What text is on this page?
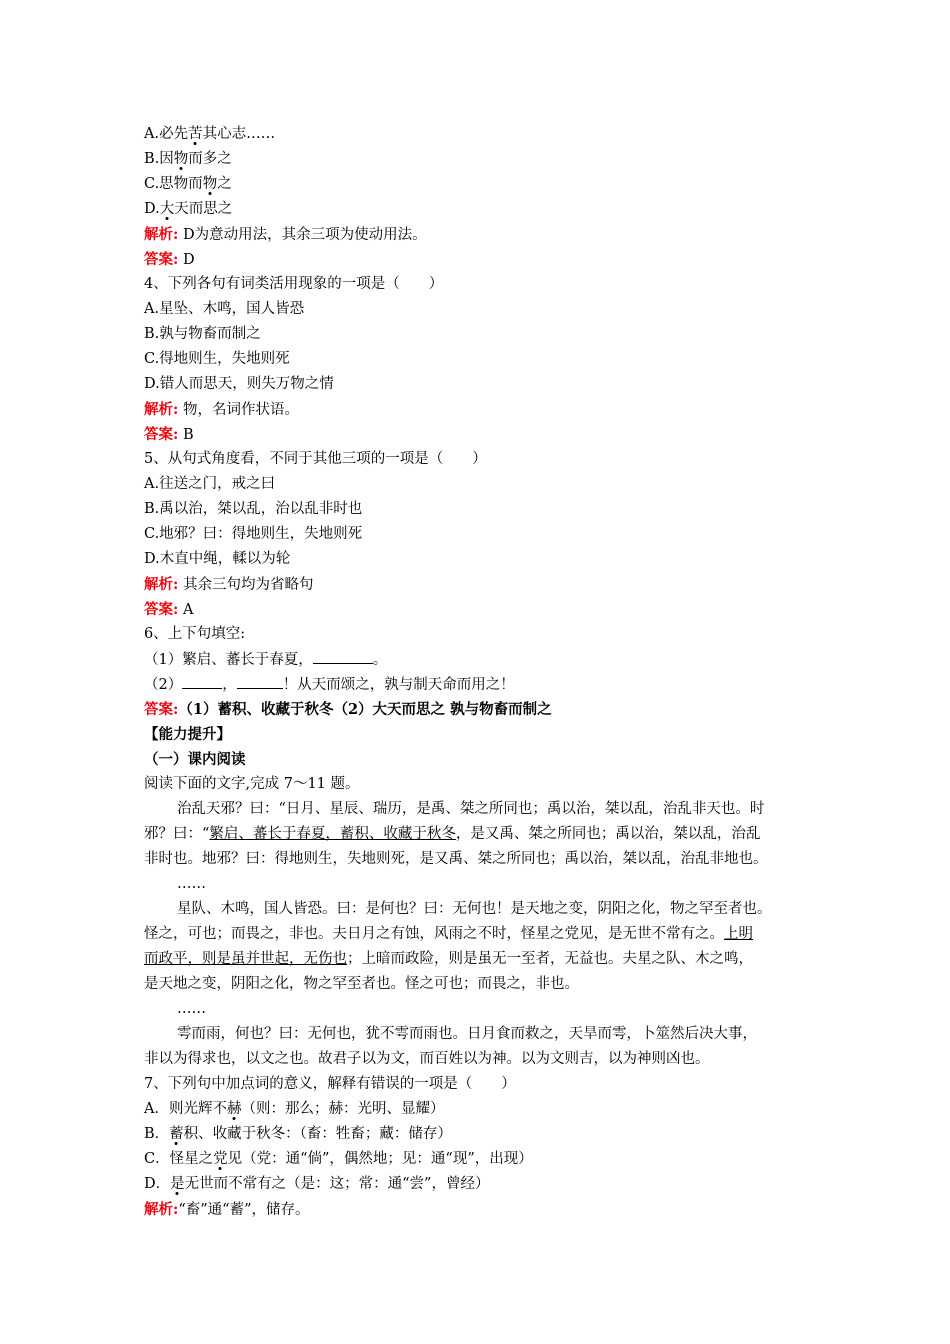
A.必先苦其心志……
B.因物而多之
C.思物而物之
D.大天而思之
解析: D为意动用法，其余三项为使动用法。
答案: D
4、下列各句有词类活用现象的一项是（　　）
A.星坠、木鸣，国人皆恐
B.孰与物畜而制之
C.得地则生，失地则死
D.错人而思天，则失万物之情
解析: 物，名词作状语。
答案: B
5、从句式角度看，不同于其他三项的一项是（　　）
A.往送之门，戒之曰
B.禹以治，桀以乱，治以乱非时也
C.地邪？曰：得地则生，失地则死
D.木直中绳，輮以为轮
解析: 其余三句均为省略句
答案: A
6、上下句填空:
（1）繁启、蕃长于春夏，	。
（2）	，	！从天而颂之，孰与制天命而用之！
答案:（1）蓄积、收藏于秋冬（2）大天而思之 孰与物畜而制之
【能力提升】
（一）课内阅读
阅读下面的文字,完成 7～11 题。
治乱天邪？曰：“日月、星辰、瑞历，是禹、桀之所同也；禹以治，桀以乱，治乱非天也。时
邪？曰：“繁启、蕃长于春夏，蓄积、收藏于秋冬，是又禹、桀之所同也；禹以治，桀以乱，治乱
非时也。地邪？曰：得地则生，失地则死，是又禹、桀之所同也；禹以治，桀以乱，治乱非地也。
……
星队、木鸣，国人皆恐。曰：是何也？曰：无何也！是天地之变，阴阳之化，物之罕至者也。
怪之，可也；而畏之，非也。夫日月之有蚀，风雨之不时，怪星之党见，是无世不常有之。上明
而政平，则是虽并世起，无伤也；上暗而政险，则是虽无一至者，无益也。夫星之队、木之鸣，
是天地之变，阴阳之化，物之罕至者也。怪之可也；而畏之，非也。
……
雩而雨，何也？曰：无何也，犹不雩而雨也。日月食而救之，天旱而雩，卜筮然后决大事，
非以为得求也，以文之也。故君子以为文，而百姓以为神。以为文则吉，以为神则凶也。
7、下列句中加点词的意义，解释有错误的一项是（　　）
A．则光辉不赫（则：那么；赫：光明、显耀）
B．蓄积、收藏于秋冬：（畜：牲畜；藏：储存）
C．怪星之党见（党：通“倘”，偶然地；见：通“现”，出现）
D．是无世而不常有之（是：这；常：通“尝”，曾经）
解析:“畜”通“蓄”，储存。
